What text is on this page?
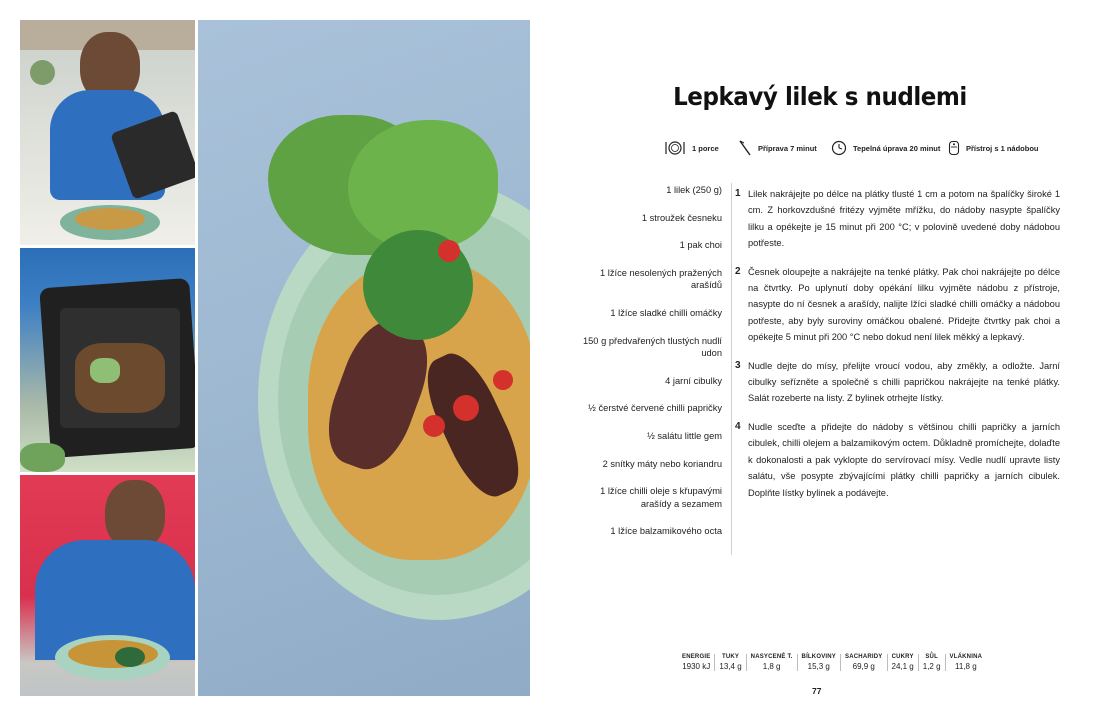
Lepkavý lilek s nudlemi
1 porce	Příprava 7 minut	Tepelná úprava 20 minut	Přístroj s 1 nádobou
1 lilek (250 g)
1 stroužek česneku
1 pak choi
1 lžíce nesolených pražených arašídů
1 lžíce sladké chilli omáčky
150 g předvařených tlustých nudlí udon
4 jarní cibulky
½ čerstvé červené chilli papričky
½ salátu little gem
2 snítky máty nebo koriandru
1 lžíce chilli oleje s křupavými arašídy a sezamem
1 lžíce balzamikového octa
1 Lilek nakrájejte po délce na plátky tlusté 1 cm a potom na špalíčky široké 1 cm. Z horkovzdušné fritézy vyjměte mřížku, do nádoby nasypte špalíčky lilku a opékejte je 15 minut při 200 °C; v polovině uvedené doby nádobou potřeste.
2 Česnek oloupejte a nakrájejte na tenké plátky. Pak choi nakrájejte po délce na čtvrtky. Po uplynutí doby opékání lilku vyjměte nádobu z přístroje, nasypte do ní česnek a arašídy, nalijte lžíci sladké chilli omáčky a nádobou potřeste, aby byly suroviny omáčkou obalené. Přidejte čtvrtky pak choi a opékejte 5 minut při 200 °C nebo dokud není lilek měkký a lepkavý.
3 Nudle dejte do mísy, přelijte vroucí vodou, aby změkly, a odložte. Jarní cibulky seřízněte a společně s chilli papričkou nakrájejte na tenké plátky. Salát rozeberte na listy. Z bylinek otrhejte lístky.
4 Nudle sceďte a přidejte do nádoby s většinou chilli papričky a jarních cibulek, chilli olejem a balzamikovým octem. Důkladně promíchejte, dolaďte k dokonalosti a pak vyklopte do servírovací mísy. Vedle nudlí upravte listy salátu, vše posypte zbývajícími plátky chilli papričky a jarních cibulek. Doplňte lístky bylinek a podávejte.
ENERGIE
1930 kJ
TUKY
13,4 g
NASYCENÉ T.
1,8 g
BÍLKOVINY
15,3 g
SACHARIDY
69,9 g
CUKRY
24,1 g
SŮL
1,2 g
VLÁKNINA
11,8 g
77
